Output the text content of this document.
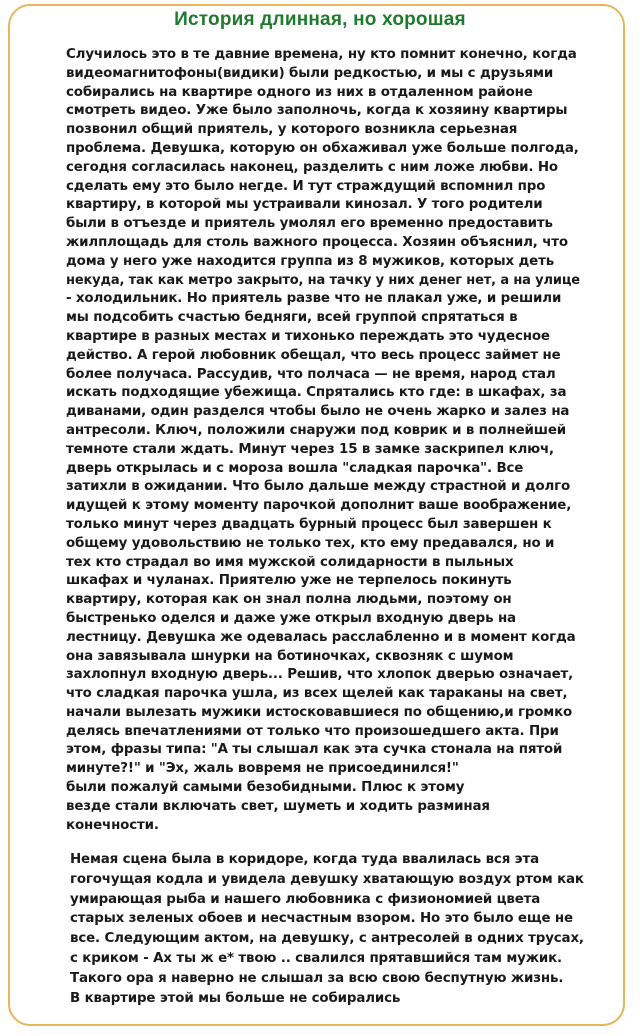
История длинная, но хорошая
Случилось это в те давние времена, ну кто помнит конечно, когда
видеомагнитофоны(видики) были редкостью, и мы с друзьями
собирались на квартире одного из них в отдаленном районе
смотреть видео. Уже было заполночь, когда к хозяину квартиры
позвонил общий приятель, у которого возникла серьезная
проблема. Девушка, которую он обхаживал уже больше полгода,
сегодня согласилась наконец, разделить с ним ложе любви. Но
сделать ему это было негде. И тут страждущий вспомнил про
квартиру, в которой мы устраивали кинозал. У того родители
были в отъезде и приятель умолял его временно предоставить
жилплощадь для столь важного процесса. Хозяин объяснил, что
дома у него уже находится группа из 8 мужиков, которых деть
некуда, так как метро закрыто, на тачку у них денег нет, а на улице
- холодильник. Но приятель разве что не плакал уже, и решили
мы подсобить счастью бедняги, всей группой спрятаться в
квартире в разных местах и тихонько переждать это чудесное
действо. А герой любовник обещал, что весь процесс займет не
более получаса. Рассудив, что полчаса — не время, народ стал
искать подходящие убежища. Спрятались кто где: в шкафах, за
диванами, один разделся чтобы было не очень жарко и залез на
антресоли. Ключ, положили снаружи под коврик и в полнейшей
темноте стали ждать. Минут через 15 в замке заскрипел ключ,
дверь открылась и с мороза вошла "сладкая парочка". Все
затихли в ожидании. Что было дальше между страстной и долго
идущей к этому моменту парочкой дополнит ваше воображение,
только минут через двадцать бурный процесс был завершен к
общему удовольствию не только тех, кто ему предавался, но и
тех кто страдал во имя мужской солидарности в пыльных
шкафах и чуланах. Приятелю уже не терпелось покинуть
квартиру, которая как он знал полна людьми, поэтому он
быстренько оделся и даже уже открыл входную дверь на
лестницу. Девушка же одевалась расслабленно и в момент когда
она завязывала шнурки на ботиночках, сквозняк с шумом
захлопнул входную дверь... Решив, что хлопок дверью означает,
что сладкая парочка ушла, из всех щелей как тараканы на свет,
начали вылезать мужики истосковавшиеся по общению,и громко
делясь впечатлениями от только что произошедшего акта. При
этом, фразы типа: "А ты слышал как эта сучка стонала на пятой
минуте?!" и "Эх, жаль вовремя не присоединился!"
были пожалуй самыми безобидными. Плюс к этому
везде стали включать свет, шуметь и ходить разминая
конечности.
Немая сцена была в коридоре, когда туда ввалилась вся эта
гогочущая кодла и увидела девушку хватающую воздух ртом как
умирающая рыба и нашего любовника с физиономией цвета
старых зеленых обоев и несчастным взором. Но это было еще не
все. Следующим актом, на девушку, с антресолей в одних трусах,
с криком - Ах ты ж е* твою .. свалился прятавшийся там мужик.
Такого ора я наверно не слышал за всю свою беспутную жизнь.
В квартире этой мы больше не собирались
